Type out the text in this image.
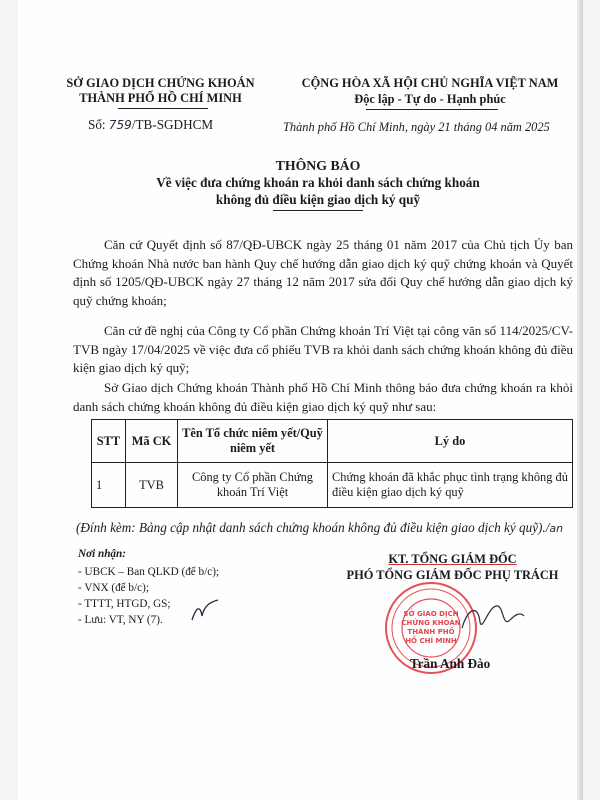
SỞ GIAO DỊCH CHỨNG KHOÁN
THÀNH PHỐ HỒ CHÍ MINH
Số: 759/TB-SGDHCM
CỘNG HÒA XÃ HỘI CHỦ NGHĨA VIỆT NAM
Độc lập - Tự do - Hạnh phúc
Thành phố Hồ Chí Minh, ngày 21 tháng 04 năm 2025
THÔNG BÁO
Về việc đưa chứng khoán ra khỏi danh sách chứng khoán
không đủ điều kiện giao dịch ký quỹ
Căn cứ Quyết định số 87/QĐ-UBCK ngày 25 tháng 01 năm 2017 của Chủ tịch Ủy ban Chứng khoán Nhà nước ban hành Quy chế hướng dẫn giao dịch ký quỹ chứng khoán và Quyết định số 1205/QĐ-UBCK ngày 27 tháng 12 năm 2017 sửa đổi Quy chế hướng dẫn giao dịch ký quỹ chứng khoán;
Căn cứ đề nghị của Công ty Cổ phần Chứng khoán Trí Việt tại công văn số 114/2025/CV-TVB ngày 17/04/2025 về việc đưa cổ phiếu TVB ra khỏi danh sách chứng khoán không đủ điều kiện giao dịch ký quỹ;
Sở Giao dịch Chứng khoán Thành phố Hồ Chí Minh thông báo đưa chứng khoán ra khỏi danh sách chứng khoán không đủ điều kiện giao dịch ký quỹ như sau:
STT	Mã CK	Tên Tổ chức niêm yết/Quỹ niêm yết	Lý do
1	TVB	Công ty Cổ phần Chứng khoán Trí Việt	Chứng khoán đã khắc phục tình trạng không đủ điều kiện giao dịch ký quỹ
(Đính kèm: Bảng cập nhật danh sách chứng khoán không đủ điều kiện giao dịch ký quỹ)./an
Nơi nhận:
- UBCK – Ban QLKD (để b/c);
- VNX (để b/c);
- TTTT, HTGD, GS;
- Lưu: VT, NY (7).
KT. TỔNG GIÁM ĐỐC
PHÓ TỔNG GIÁM ĐỐC PHỤ TRÁCH
SỞ GIAO DỊCH
CHỨNG KHOÁN
THÀNH PHỐ
HỒ CHÍ MINH
Trần Anh Đào
